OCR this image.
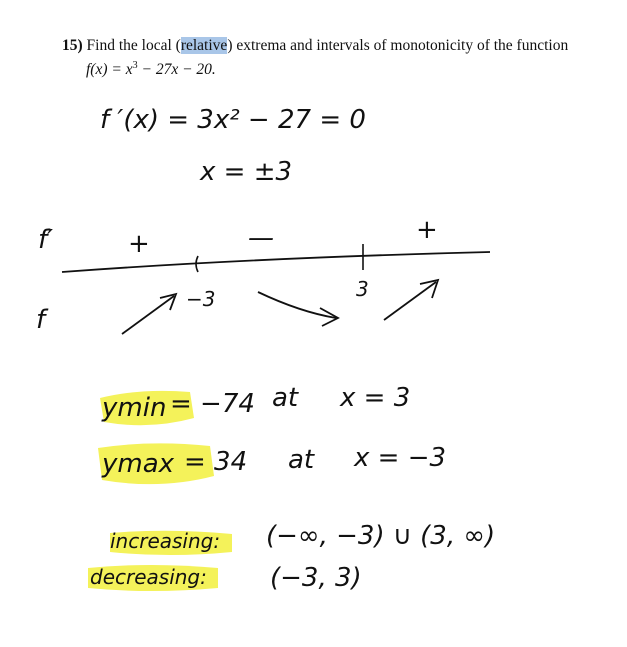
15) Find the local (relative) extrema and intervals of monotonicity of the function
$f(x) = x^3 - 27x - 20$.
f ′(x) = 3x² − 27 = 0
x = ±3
f′
f
+	—	+
−3	3
ymin = −74 at x = 3
ymax = 34 at x = −3
increasing: (−∞, −3) ∪ (3, ∞)
decreasing: (−3, 3)
